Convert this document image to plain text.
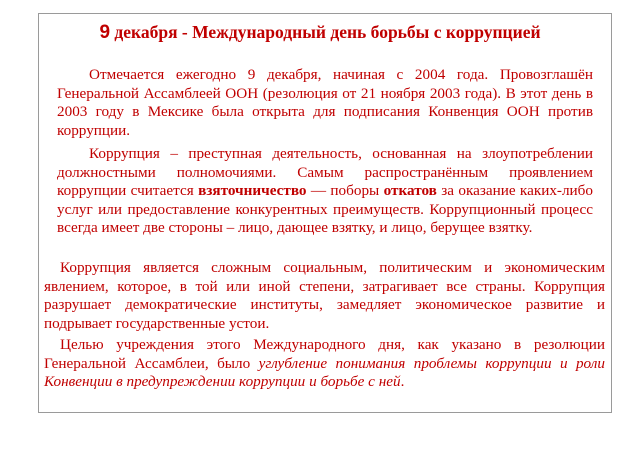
9 декабря - Международный день борьбы с коррупцией

Отмечается ежегодно 9 декабря, начиная с 2004 года. Провозглашён Генеральной Ассамблеей ООН (резолюция от 21 ноября 2003 года). В этот день в 2003 году в Мексике была открыта для подписания Конвенция ООН против коррупции.

Коррупция – преступная деятельность, основанная на злоупотреблении должностными полномочиями. Самым распространённым проявлением коррупции считается взяточничество — поборы откатов за оказание каких-либо услуг или предоставление конкурентных преимуществ. Коррупционный процесс всегда имеет две стороны – лицо, дающее взятку, и лицо, берущее взятку.

Коррупция является сложным социальным, политическим и экономическим явлением, которое, в той или иной степени, затрагивает все страны. Коррупция разрушает демократические институты, замедляет экономическое развитие и подрывает государственные устои.

Целью учреждения этого Международного дня, как указано в резолюции Генеральной Ассамблеи, было углубление понимания проблемы коррупции и роли Конвенции в предупреждении коррупции и борьбе с ней.
